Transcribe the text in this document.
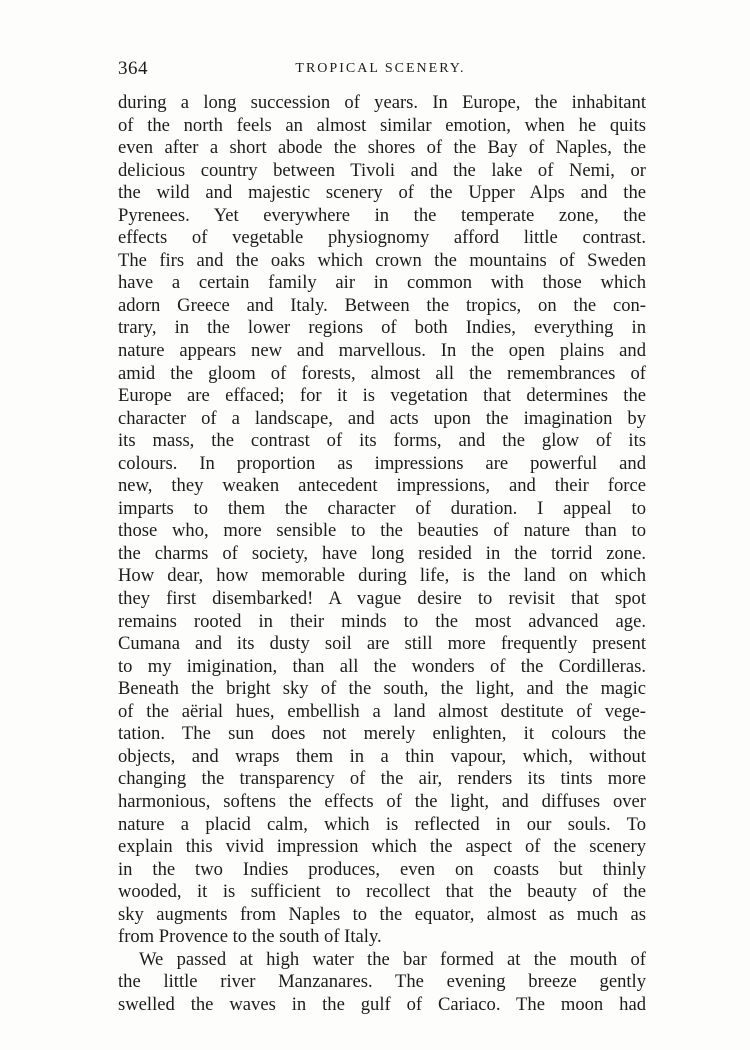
364	TROPICAL SCENERY.
during a long succession of years. In Europe, the inhabitant
of the north feels an almost similar emotion, when he quits
even after a short abode the shores of the Bay of Naples, the
delicious country between Tivoli and the lake of Nemi, or
the wild and majestic scenery of the Upper Alps and the
Pyrenees. Yet everywhere in the temperate zone, the
effects of vegetable physiognomy afford little contrast.
The firs and the oaks which crown the mountains of Sweden
have a certain family air in common with those which
adorn Greece and Italy. Between the tropics, on the con-
trary, in the lower regions of both Indies, everything in
nature appears new and marvellous. In the open plains and
amid the gloom of forests, almost all the remembrances of
Europe are effaced; for it is vegetation that determines the
character of a landscape, and acts upon the imagination by
its mass, the contrast of its forms, and the glow of its
colours. In proportion as impressions are powerful and
new, they weaken antecedent impressions, and their force
imparts to them the character of duration. I appeal to
those who, more sensible to the beauties of nature than to
the charms of society, have long resided in the torrid zone.
How dear, how memorable during life, is the land on which
they first disembarked! A vague desire to revisit that spot
remains rooted in their minds to the most advanced age.
Cumana and its dusty soil are still more frequently present
to my imigination, than all the wonders of the Cordilleras.
Beneath the bright sky of the south, the light, and the magic
of the aërial hues, embellish a land almost destitute of vege-
tation. The sun does not merely enlighten, it colours the
objects, and wraps them in a thin vapour, which, without
changing the transparency of the air, renders its tints more
harmonious, softens the effects of the light, and diffuses over
nature a placid calm, which is reflected in our souls. To
explain this vivid impression which the aspect of the scenery
in the two Indies produces, even on coasts but thinly
wooded, it is sufficient to recollect that the beauty of the
sky augments from Naples to the equator, almost as much as
from Provence to the south of Italy.
We passed at high water the bar formed at the mouth of
the little river Manzanares. The evening breeze gently
swelled the waves in the gulf of Cariaco. The moon had
